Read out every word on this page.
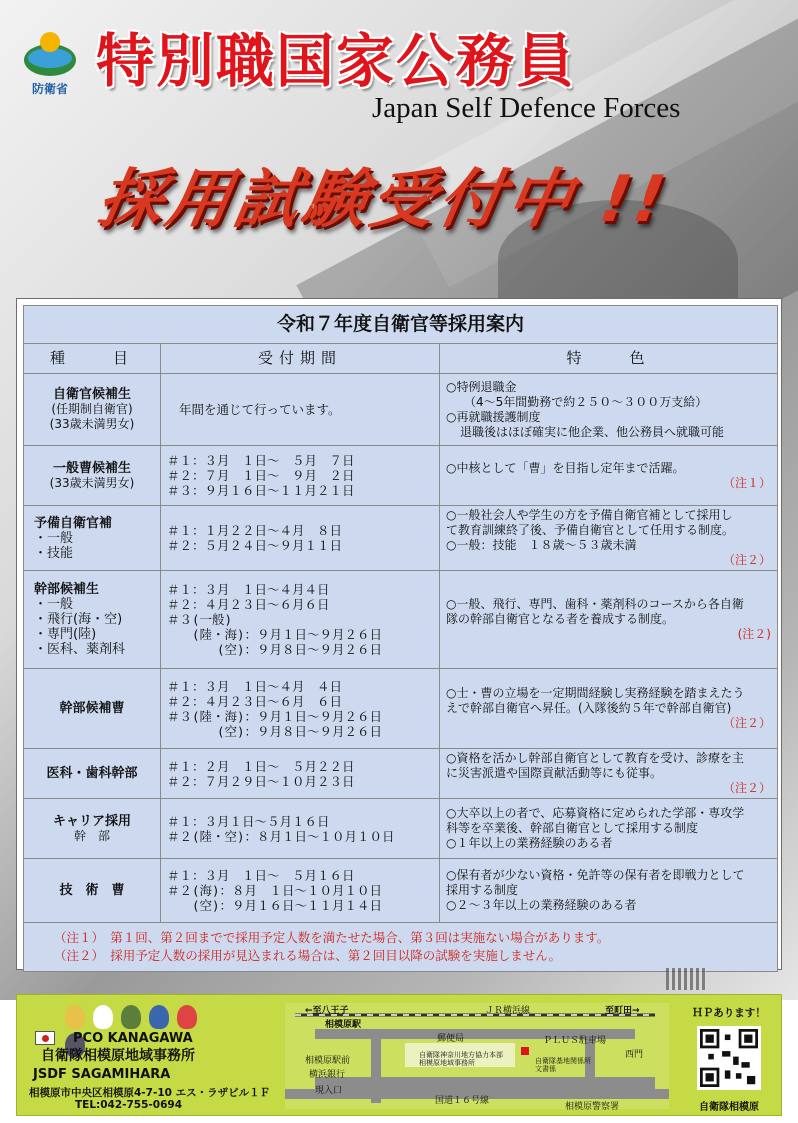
防衛省 特別職国家公務員
Japan Self Defence Forces
採用試験受付中 !!
令和７年度自衛官等採用案内		
種　　目	受付期間	特　　色
自衛官候補生
(任期制自衛官)
(33歳未満男女)	年間を通じて行っています。	○特例退職金
（4～5年間勤務で約２５０～３００万支給）
○再就職援護制度
退職後はほぼ確実に他企業、他公務員へ就職可能

一般曹候補生
(33歳未満男女)	＃１：３月　１日～　５月　７日
＃２：７月　１日～　９月　２日
＃３：９月１６日～１１月２１日	○中核として「曹」を目指し定年まで活躍。
（注１）

予備自衛官補
・一般
・技能	＃１：１月２２日～４月　８日
＃２：５月２４日～９月１１日	○一般社会人や学生の方を予備自衛官補として採用し
て教育訓練終了後、予備自衛官として任用する制度。
○一般：技能　１８歳～５３歳未満
（注２）

幹部候補生
・一般
・飛行(海・空)
・専門(陸)
・医科、薬剤科	＃１：３月　１日～４月４日
＃２：４月２３日～６月６日
＃３(一般)
　　(陸・海)：９月１日～９月２６日
　　　　(空)：９月８日～９月２６日	○一般、飛行、専門、歯科・薬剤科のコースから各自衛
隊の幹部自衛官となる者を養成する制度。
(注２)

幹部候補曹	＃１：３月　１日～４月　４日
＃２：４月２３日～６月　６日
＃３(陸・海)：９月１日～９月２６日
　　　　(空)：９月８日～９月２６日	○士・曹の立場を一定期間経験し実務経験を踏まえたう
えで幹部自衛官へ昇任。(入隊後約５年で幹部自衛官)
（注２）

医科・歯科幹部	＃１：２月　１日～　５月２２日
＃２：７月２９日～１０月２３日	○資格を活かし幹部自衛官として教育を受け、診療を主
に災害派遣や国際貢献活動等にも従事。
（注２）

キャリア採用
幹　部	＃１：３月１日～５月１６日
＃２(陸・空)：８月１日～１０月１０日	○大卒以上の者で、応募資格に定められた学部・専攻学
科等を卒業後、幹部自衛官として採用する制度
○１年以上の業務経験のある者

技　術　曹	＃１：３月　１日～　５月１６日
＃２(海)：８月　１日～１０月１０日
　　(空)：９月１６日～１１月１４日	○保有者が少ない資格・免許等の保有者を即戦力として
採用する制度
○２～３年以上の業務経験のある者

（注１）　第１回、第２回までで採用予定人数を満たせた場合、第３回は実施ない場合があります。
（注２）　採用予定人数の採用が見込まれる場合は、第２回目以降の試験を実施しません。		

PCO KANAGAWA
自衛隊相模原地域事務所
JSDF SAGAMIHARA
相模原市中央区相模原4-7-10 エス・ラザビル１Ｆ
TEL:042-755-0694
←至八王子	ＪＲ横浜線	至町田→
相模原駅
郵便局	ＰＬＵＳ駐車場
相模原駅前
横浜銀行
自衛隊神奈川地方協力本部
相模原地域事務所	自衛隊基地関係所
文書係
西門
現入口
国道１６号線
相模原警察署
ＨＰあります！
自衛隊相模原
